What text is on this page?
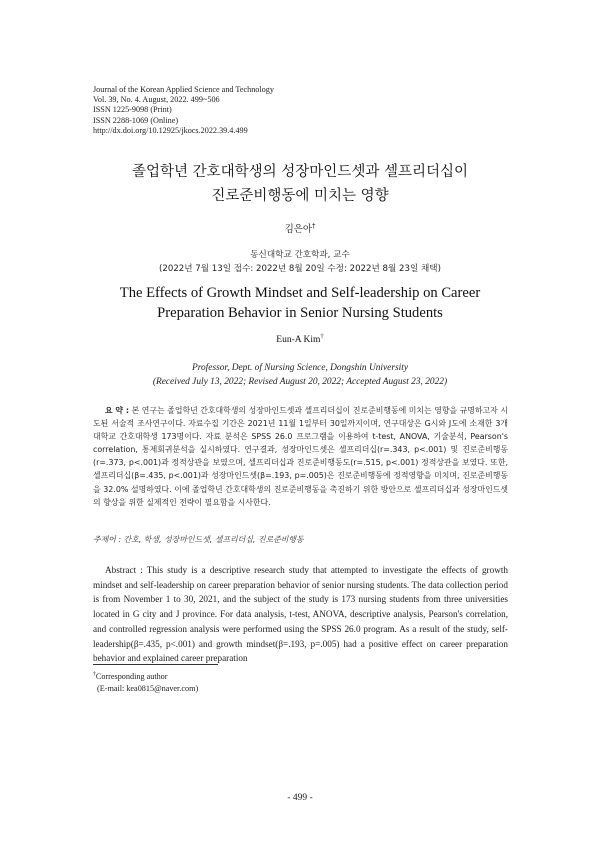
Journal of the Korean Applied Science and Technology
Vol. 39, No. 4. August, 2022. 499~506
ISSN 1225-9098 (Print)
ISSN 2288-1069 (Online)
http://dx.doi.org/10.12925/jkocs.2022.39.4.499
졸업학년 간호대학생의 성장마인드셋과 셀프리더십이
진로준비행동에 미치는 영향
김은아†
동신대학교 간호학과, 교수
(2022년 7월 13일 접수: 2022년 8월 20일 수정: 2022년 8월 23일 채택)
The Effects of Growth Mindset and Self-leadership on Career
Preparation Behavior in Senior Nursing Students
Eun-A Kim†
Professor, Dept. of Nursing Science, Dongshin University
(Received July 13, 2022; Revised August 20, 2022; Accepted August 23, 2022)
요 약 : 본 연구는 졸업학년 간호대학생의 성장마인드셋과 셀프리더십이 진로준비행동에 미치는 영향을 규명하고자 시도된 서술적 조사연구이다. 자료수집 기간은 2021년 11월 1일부터 30일까지이며, 연구대상은 G시와 J도에 소재한 3개 대학교 간호대학생 173명이다. 자료 분석은 SPSS 26.0 프로그램을 이용하여 t-test, ANOVA, 기술분석, Pearson's correlation, 통제회귀분석을 실시하였다. 연구결과, 성장마인드셋은 셀프리더십(r=.343, p<.001) 및 진로준비행동(r=.373, p<.001)과 정적상관을 보였으며, 셀프리더십과 진로준비행동도(r=.515, p<.001) 정적상관을 보였다. 또한, 셀프리더십(β=.435, p<.001)과 성장마인드셋(β=.193, p=.005)은 진로준비행동에 정적영향을 미치며, 진로준비행동을 32.0% 설명하였다. 이에 졸업학년 간호대학생의 진로준비행동을 촉진하기 위한 방안으로 셀프리더십과 성장마인드셋의 향상을 위한 실제적인 전략이 필요함을 시사한다.
주제어 : 간호, 학생, 성장마인드셋, 셀프리더십, 진로준비행동
Abstract : This study is a descriptive research study that attempted to investigate the effects of growth mindset and self-leadership on career preparation behavior of senior nursing students. The data collection period is from November 1 to 30, 2021, and the subject of the study is 173 nursing students from three universities located in G city and J province. For data analysis, t-test, ANOVA, descriptive analysis, Pearson's correlation, and controlled regression analysis were performed using the SPSS 26.0 program. As a result of the study, self-leadership(β=.435, p<.001) and growth mindset(β=.193, p=.005) had a positive effect on career preparation behavior and explained career preparation
†Corresponding author
(E-mail: kea0815@naver.com)
- 499 -
